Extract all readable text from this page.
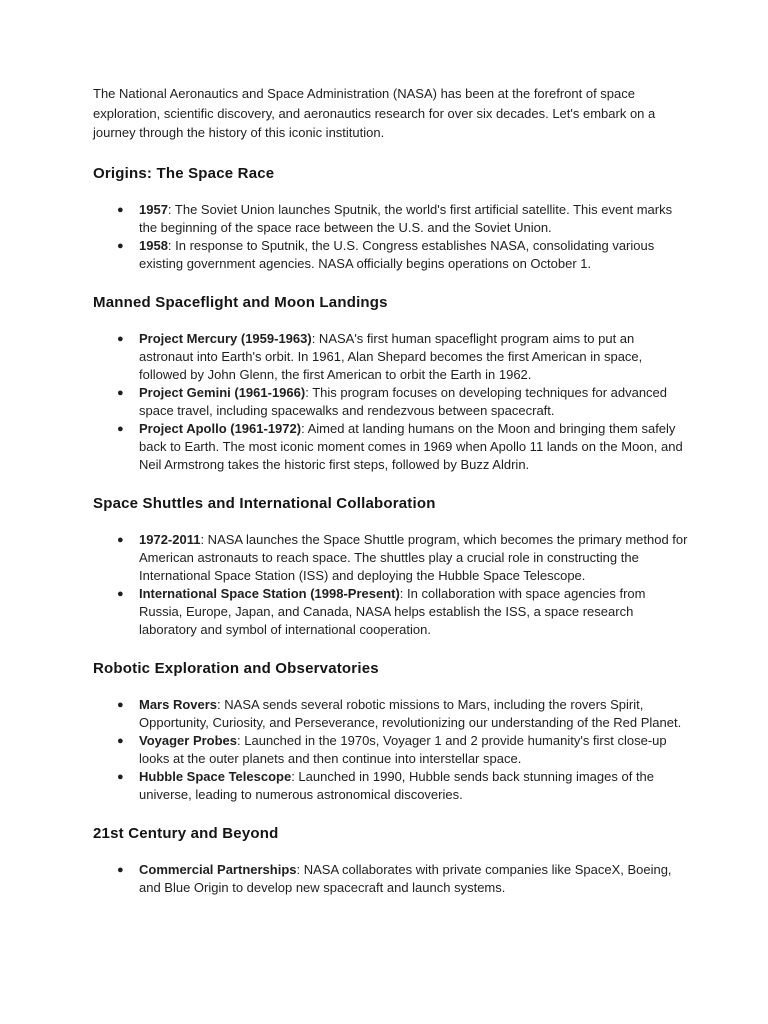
The National Aeronautics and Space Administration (NASA) has been at the forefront of space exploration, scientific discovery, and aeronautics research for over six decades. Let's embark on a journey through the history of this iconic institution.

Origins: The Space Race
● 1957: The Soviet Union launches Sputnik, the world's first artificial satellite. This event marks the beginning of the space race between the U.S. and the Soviet Union.
● 1958: In response to Sputnik, the U.S. Congress establishes NASA, consolidating various existing government agencies. NASA officially begins operations on October 1.
Manned Spaceflight and Moon Landings
● Project Mercury (1959-1963): NASA's first human spaceflight program aims to put an astronaut into Earth's orbit. In 1961, Alan Shepard becomes the first American in space, followed by John Glenn, the first American to orbit the Earth in 1962.
● Project Gemini (1961-1966): This program focuses on developing techniques for advanced space travel, including spacewalks and rendezvous between spacecraft.
● Project Apollo (1961-1972): Aimed at landing humans on the Moon and bringing them safely back to Earth. The most iconic moment comes in 1969 when Apollo 11 lands on the Moon, and Neil Armstrong takes the historic first steps, followed by Buzz Aldrin.
Space Shuttles and International Collaboration
● 1972-2011: NASA launches the Space Shuttle program, which becomes the primary method for American astronauts to reach space. The shuttles play a crucial role in constructing the International Space Station (ISS) and deploying the Hubble Space Telescope.
● International Space Station (1998-Present): In collaboration with space agencies from Russia, Europe, Japan, and Canada, NASA helps establish the ISS, a space research laboratory and symbol of international cooperation.
Robotic Exploration and Observatories
● Mars Rovers: NASA sends several robotic missions to Mars, including the rovers Spirit, Opportunity, Curiosity, and Perseverance, revolutionizing our understanding of the Red Planet.
● Voyager Probes: Launched in the 1970s, Voyager 1 and 2 provide humanity's first close-up looks at the outer planets and then continue into interstellar space.
● Hubble Space Telescope: Launched in 1990, Hubble sends back stunning images of the universe, leading to numerous astronomical discoveries.
21st Century and Beyond
● Commercial Partnerships: NASA collaborates with private companies like SpaceX, Boeing, and Blue Origin to develop new spacecraft and launch systems.
